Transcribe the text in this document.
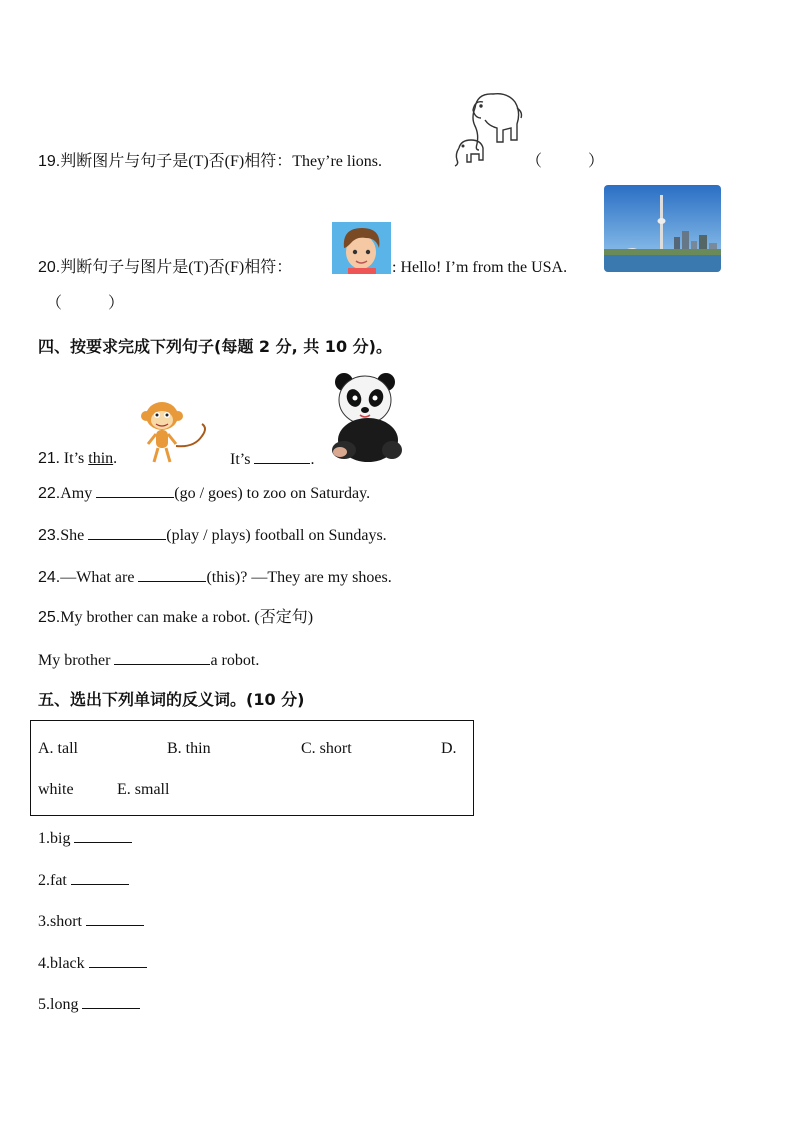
19.判断图片与句子是(T)否(F)相符：They’re lions.	（	）
20.判断句子与图片是(T)否(F)相符：	: Hello! I’m from the USA.
（	）
四、按要求完成下列句子(每题 2 分, 共 10 分)。
21. It’s thin.	It’s	.
22.Amy	(go / goes) to zoo on Saturday.
23.She	(play / plays) football on Sundays.
24.—What are	(this)? —They are my shoes.
25.My brother can make a robot. (否定句)
My brother	a robot.
五、选出下列单词的反义词。(10 分)
A. tall	B. thin	C. short	D.
white	E. small
1.big
2.fat
3.short
4.black
5.long
